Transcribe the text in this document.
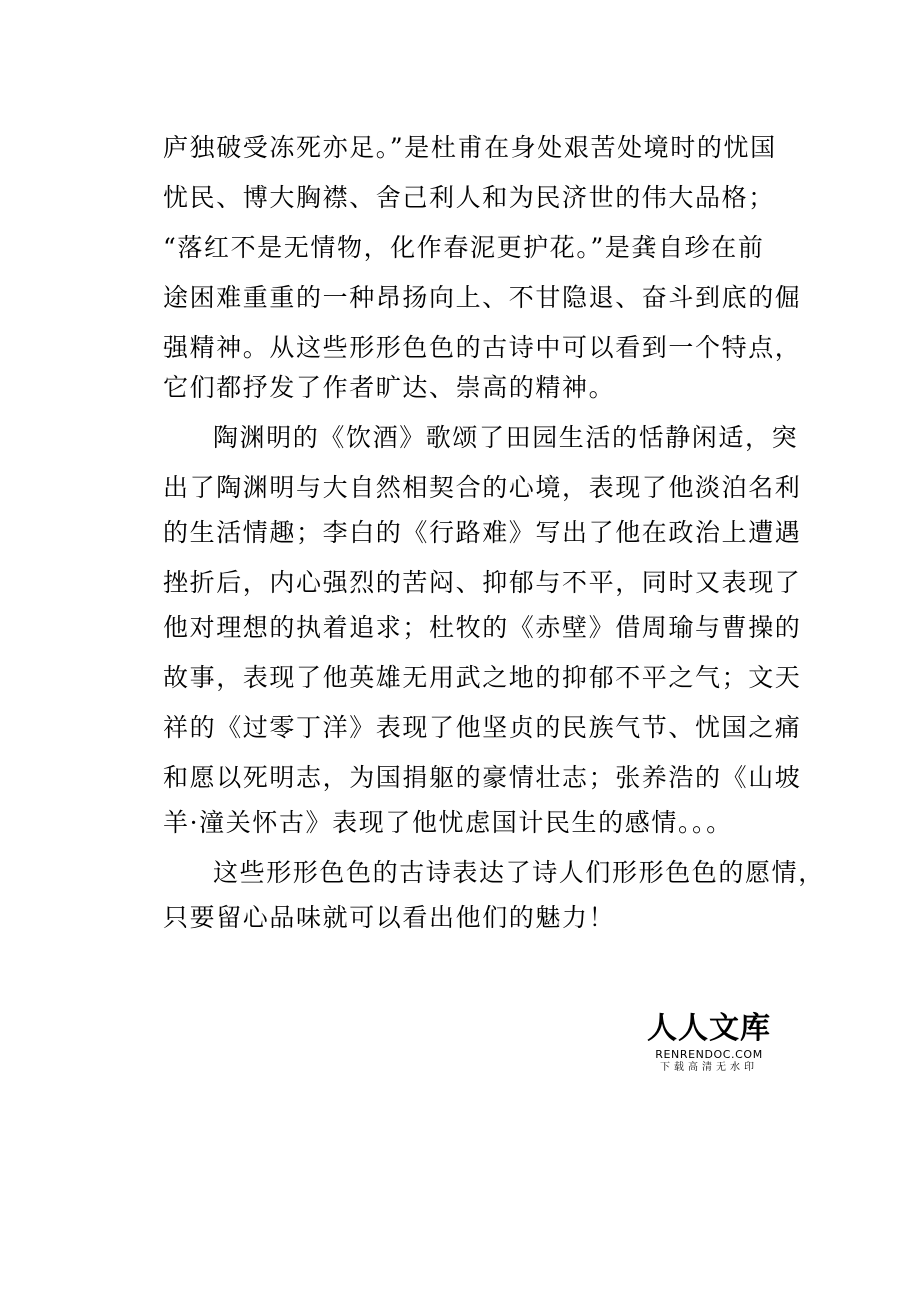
庐独破受冻死亦足。”是杜甫在身处艰苦处境时的忧国
忧民、博大胸襟、舍己利人和为民济世的伟大品格；
“落红不是无情物，化作春泥更护花。”是龚自珍在前
途困难重重的一种昂扬向上、不甘隐退、奋斗到底的倔
强精神。从这些形形色色的古诗中可以看到一个特点，
它们都抒发了作者旷达、崇高的精神。
陶渊明的《饮酒》歌颂了田园生活的恬静闲适，突
出了陶渊明与大自然相契合的心境，表现了他淡泊名利
的生活情趣；李白的《行路难》写出了他在政治上遭遇
挫折后，内心强烈的苦闷、抑郁与不平，同时又表现了
他对理想的执着追求；杜牧的《赤壁》借周瑜与曹操的
故事，表现了他英雄无用武之地的抑郁不平之气；文天
祥的《过零丁洋》表现了他坚贞的民族气节、忧国之痛
和愿以死明志，为国捐躯的豪情壮志；张养浩的《山坡
羊·潼关怀古》表现了他忧虑国计民生的感情。。。
这些形形色色的古诗表达了诗人们形形色色的愿情，
只要留心品味就可以看出他们的魅力！
人人文库
RENRENDOC.COM
下载高清无水印
